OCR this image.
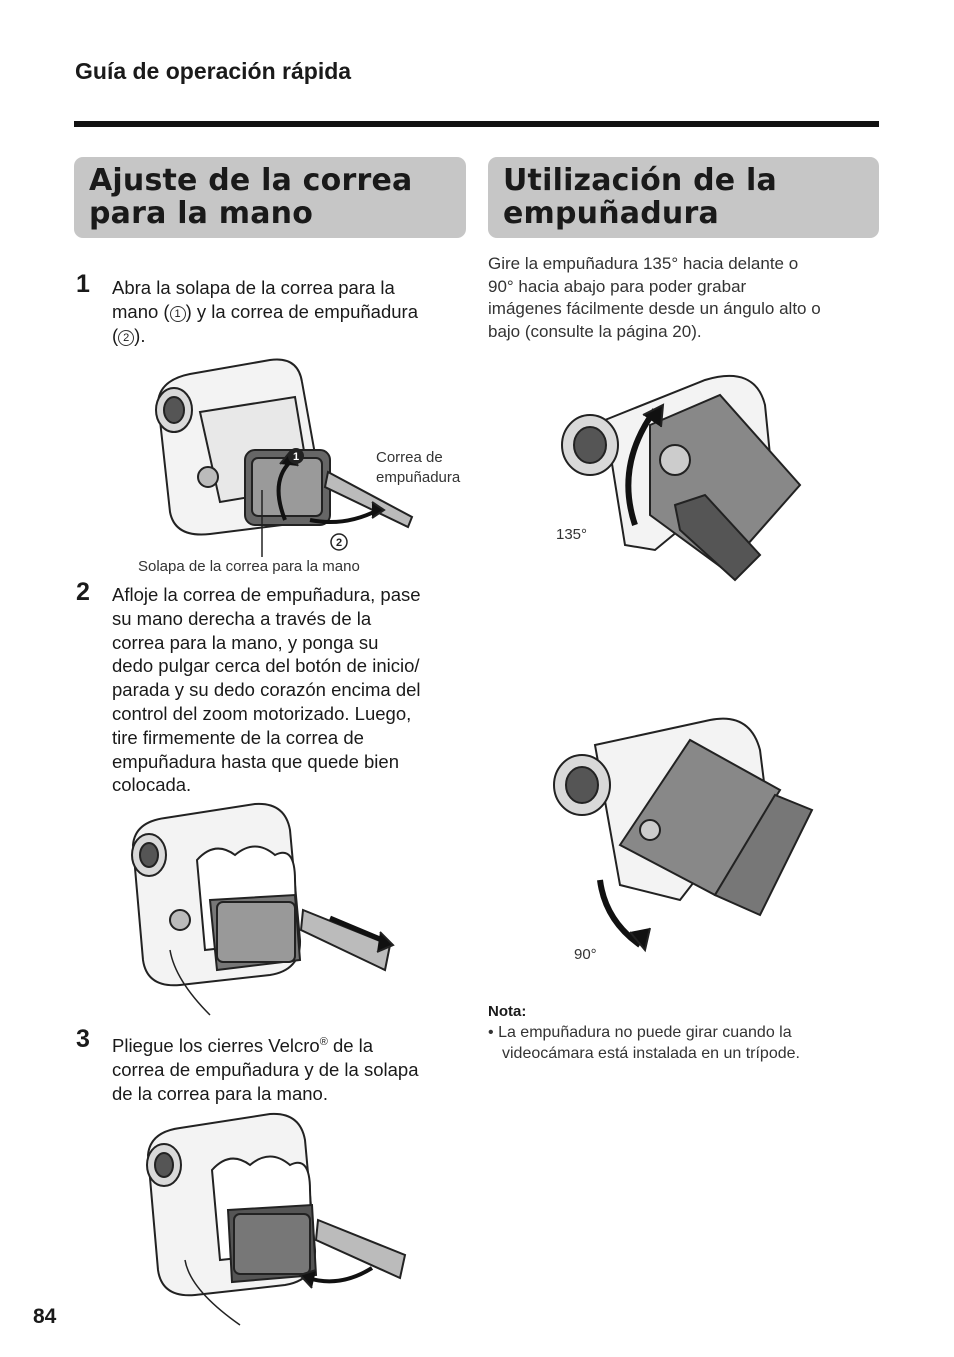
Guía de operación rápida
Ajuste de la correa
para la mano
Utilización de la
empuñadura
1 Abra la solapa de la correa para la
mano ( 1 ) y la correa de empuñadura
( 2 ).
1
2
Correa de
empuñadura
Solapa de la correa para la mano
2 Afloje la correa de empuñadura, pase
su mano derecha a través de la
correa para la mano, y ponga su
dedo pulgar cerca del botón de inicio/
parada y su dedo corazón encima del
control del zoom motorizado. Luego,
tire firmemente de la correa de
empuñadura hasta que quede bien
colocada.
3 Pliegue los cierres Velcro® de la
correa de empuñadura y de la solapa
de la correa para la mano.
Gire la empuñadura 135° hacia delante o
90° hacia abajo para poder grabar
imágenes fácilmente desde un ángulo alto o
bajo (consulte la página 20).
135°
90°
Nota:
• La empuñadura no puede girar cuando la
videocámara está instalada en un trípode.
84
